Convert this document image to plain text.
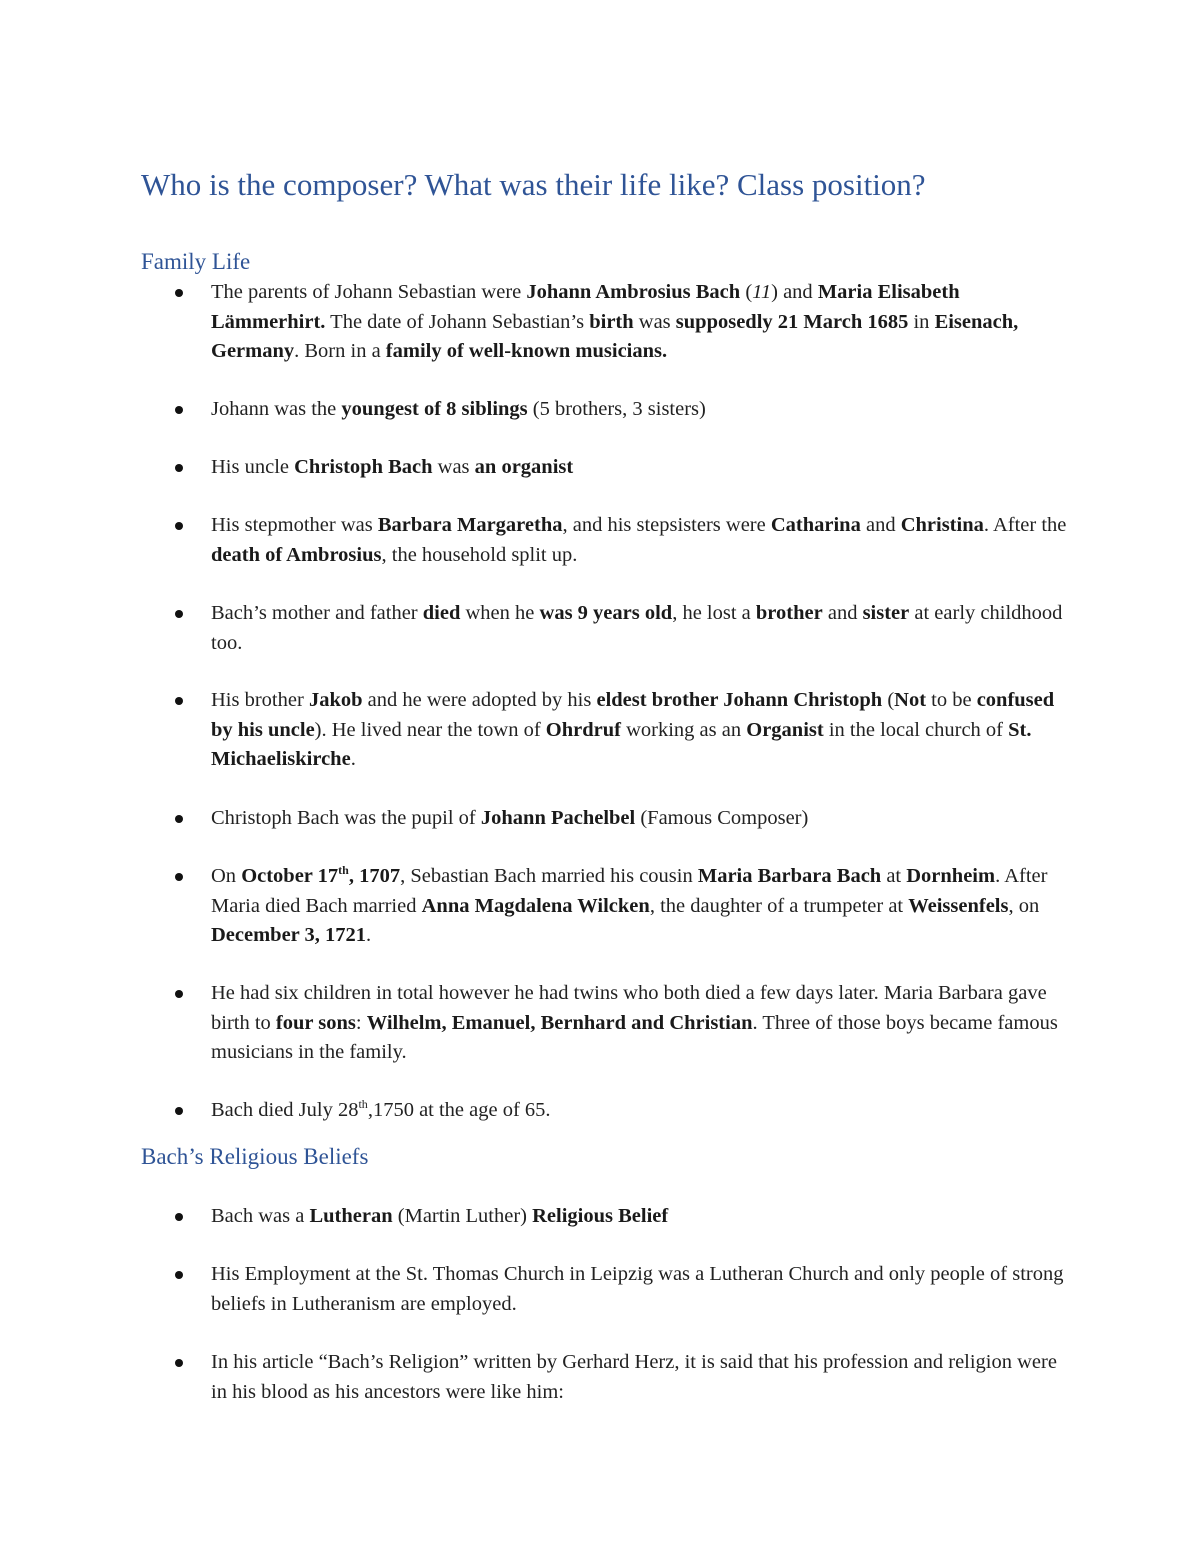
Who is the composer? What was their life like? Class position?
Family Life
The parents of Johann Sebastian were Johann Ambrosius Bach (11) and Maria Elisabeth Lämmerhirt. The date of Johann Sebastian’s birth was supposedly 21 March 1685 in Eisenach, Germany. Born in a family of well-known musicians.
Johann was the youngest of 8 siblings (5 brothers, 3 sisters)
His uncle Christoph Bach was an organist
His stepmother was Barbara Margaretha, and his stepsisters were Catharina and Christina. After the death of Ambrosius, the household split up.
Bach’s mother and father died when he was 9 years old, he lost a brother and sister at early childhood too.
His brother Jakob and he were adopted by his eldest brother Johann Christoph (Not to be confused by his uncle). He lived near the town of Ohrdruf working as an Organist in the local church of St. Michaeliskirche.
Christoph Bach was the pupil of Johann Pachelbel (Famous Composer)
On October 17th, 1707, Sebastian Bach married his cousin Maria Barbara Bach at Dornheim. After Maria died Bach married Anna Magdalena Wilcken, the daughter of a trumpeter at Weissenfels, on December 3, 1721.
He had six children in total however he had twins who both died a few days later. Maria Barbara gave birth to four sons: Wilhelm, Emanuel, Bernhard and Christian. Three of those boys became famous musicians in the family.
Bach died July 28th,1750 at the age of 65.
Bach’s Religious Beliefs
Bach was a Lutheran (Martin Luther) Religious Belief
His Employment at the St. Thomas Church in Leipzig was a Lutheran Church and only people of strong beliefs in Lutheranism are employed.
In his article “Bach’s Religion” written by Gerhard Herz, it is said that his profession and religion were in his blood as his ancestors were like him:
